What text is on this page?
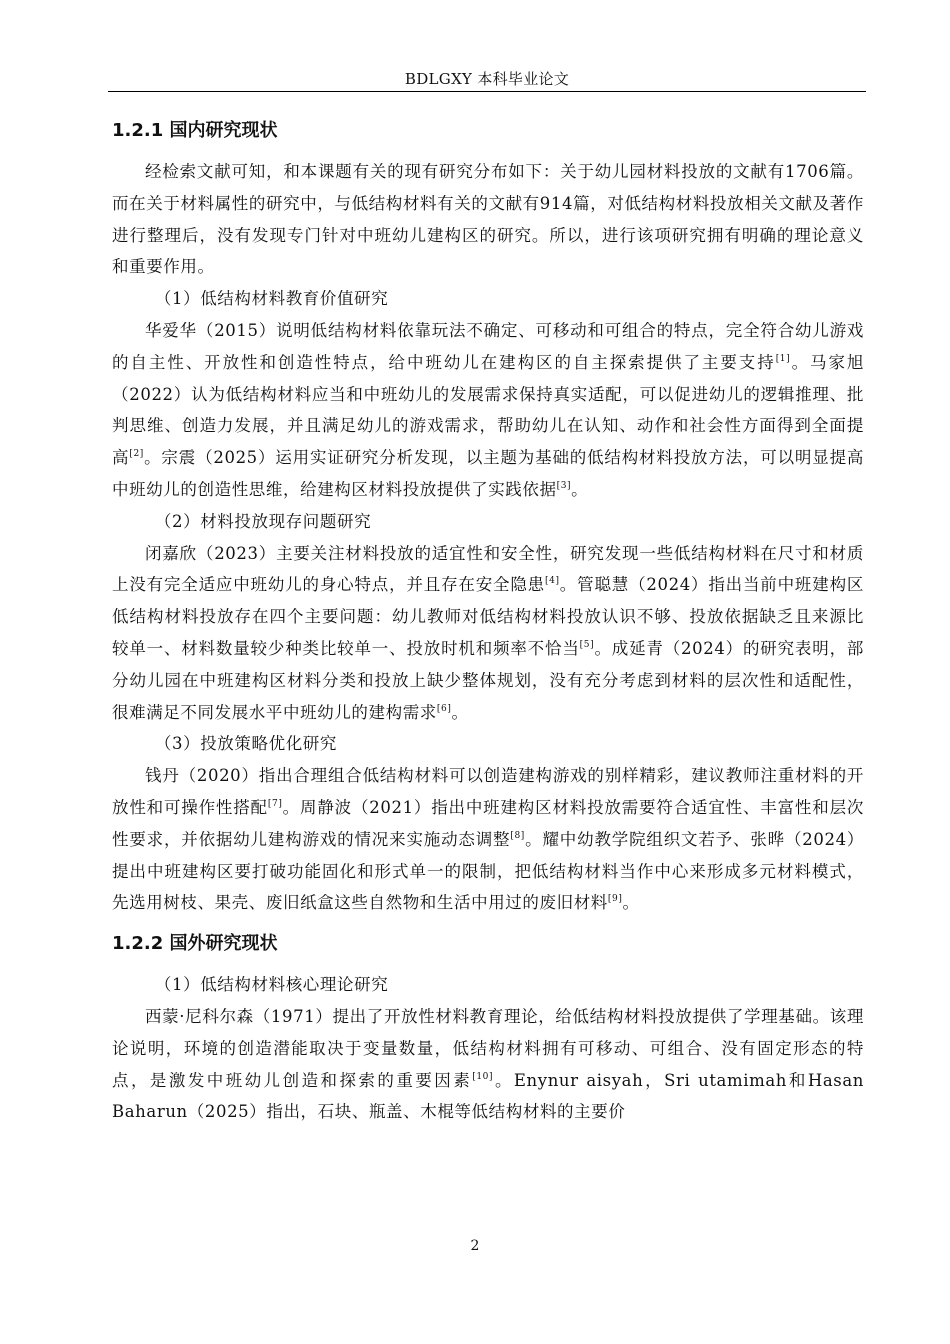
BDLGXY 本科毕业论文
1.2.1 国内研究现状

经检索文献可知，和本课题有关的现有研究分布如下：关于幼儿园材料投放的文献有1706篇。而在关于材料属性的研究中，与低结构材料有关的文献有914篇，对低结构材料投放相关文献及著作进行整理后，没有发现专门针对中班幼儿建构区的研究。所以，进行该项研究拥有明确的理论意义和重要作用。

（1）低结构材料教育价值研究

华爱华（2015）说明低结构材料依靠玩法不确定、可移动和可组合的特点，完全符合幼儿游戏的自主性、开放性和创造性特点，给中班幼儿在建构区的自主探索提供了主要支持[1]。马家旭（2022）认为低结构材料应当和中班幼儿的发展需求保持真实适配，可以促进幼儿的逻辑推理、批判思维、创造力发展，并且满足幼儿的游戏需求，帮助幼儿在认知、动作和社会性方面得到全面提高[2]。宗震（2025）运用实证研究分析发现，以主题为基础的低结构材料投放方法，可以明显提高中班幼儿的创造性思维，给建构区材料投放提供了实践依据[3]。

（2）材料投放现存问题研究

闭嘉欣（2023）主要关注材料投放的适宜性和安全性，研究发现一些低结构材料在尺寸和材质上没有完全适应中班幼儿的身心特点，并且存在安全隐患[4]。管聪慧（2024）指出当前中班建构区低结构材料投放存在四个主要问题：幼儿教师对低结构材料投放认识不够、投放依据缺乏且来源比较单一、材料数量较少种类比较单一、投放时机和频率不恰当[5]。成延青（2024）的研究表明，部分幼儿园在中班建构区材料分类和投放上缺少整体规划，没有充分考虑到材料的层次性和适配性，很难满足不同发展水平中班幼儿的建构需求[6]。

（3）投放策略优化研究

钱丹（2020）指出合理组合低结构材料可以创造建构游戏的别样精彩，建议教师注重材料的开放性和可操作性搭配[7]。周静波（2021）指出中班建构区材料投放需要符合适宜性、丰富性和层次性要求，并依据幼儿建构游戏的情况来实施动态调整[8]。耀中幼教学院组织文若予、张晔（2024）提出中班建构区要打破功能固化和形式单一的限制，把低结构材料当作中心来形成多元材料模式，先选用树枝、果壳、废旧纸盒这些自然物和生活中用过的废旧材料[9]。

1.2.2 国外研究现状

（1）低结构材料核心理论研究

西蒙·尼科尔森（1971）提出了开放性材料教育理论，给低结构材料投放提供了学理基础。该理论说明，环境的创造潜能取决于变量数量，低结构材料拥有可移动、可组合、没有固定形态的特点，是激发中班幼儿创造和探索的重要因素[10]。Enynur aisyah，Sri utamimah和Hasan Baharun（2025）指出，石块、瓶盖、木棍等低结构材料的主要价

2
